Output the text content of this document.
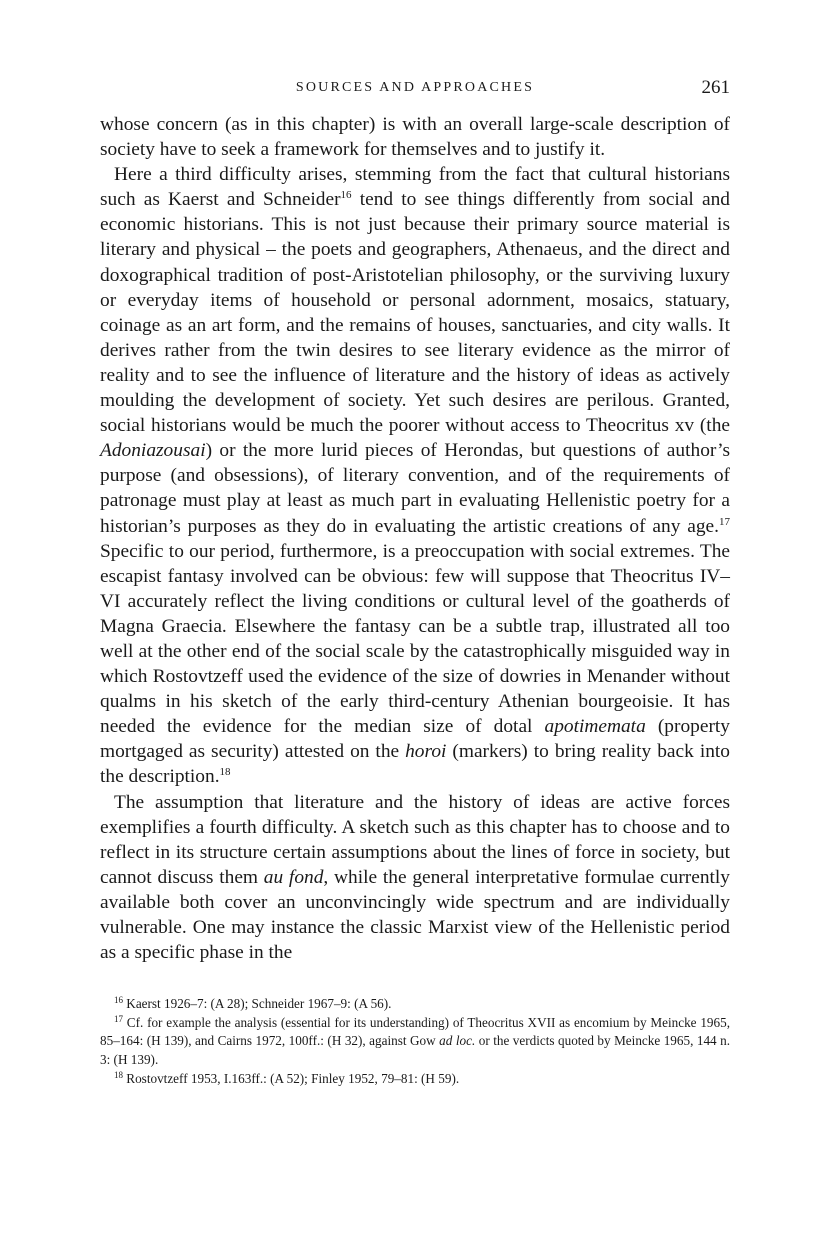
SOURCES AND APPROACHES	261

whose concern (as in this chapter) is with an overall large-scale description of society have to seek a framework for themselves and to justify it.

Here a third difficulty arises, stemming from the fact that cultural historians such as Kaerst and Schneider$^{16}$ tend to see things differently from social and economic historians. This is not just because their primary source material is literary and physical – the poets and geographers, Athenaeus, and the direct and doxographical tradition of post-Aristotelian philosophy, or the surviving luxury or everyday items of household or personal adornment, mosaics, statuary, coinage as an art form, and the remains of houses, sanctuaries, and city walls. It derives rather from the twin desires to see literary evidence as the mirror of reality and to see the influence of literature and the history of ideas as actively moulding the development of society. Yet such desires are perilous. Granted, social historians would be much the poorer without access to Theocritus xv (the Adoniazousai) or the more lurid pieces of Herondas, but questions of author’s purpose (and obsessions), of literary convention, and of the requirements of patronage must play at least as much part in evaluating Hellenistic poetry for a historian’s purposes as they do in evaluating the artistic creations of any age.$^{17}$ Specific to our period, furthermore, is a preoccupation with social extremes. The escapist fantasy involved can be obvious: few will suppose that Theocritus IV–VI accurately reflect the living conditions or cultural level of the goatherds of Magna Graecia. Elsewhere the fantasy can be a subtle trap, illustrated all too well at the other end of the social scale by the catastrophically misguided way in which Rostovtzeff used the evidence of the size of dowries in Menander without qualms in his sketch of the early third-century Athenian bourgeoisie. It has needed the evidence for the median size of dotal apotimemata (property mortgaged as security) attested on the horoi (markers) to bring reality back into the description.$^{18}$

The assumption that literature and the history of ideas are active forces exemplifies a fourth difficulty. A sketch such as this chapter has to choose and to reflect in its structure certain assumptions about the lines of force in society, but cannot discuss them au fond, while the general interpretative formulae currently available both cover an unconvincingly wide spectrum and are individually vulnerable. One may instance the classic Marxist view of the Hellenistic period as a specific phase in the

$^{16}$ Kaerst 1926–7: (A 28); Schneider 1967–9: (A 56).

$^{17}$ Cf. for example the analysis (essential for its understanding) of Theocritus XVII as encomium by Meincke 1965, 85–164: (H 139), and Cairns 1972, 100ff.: (H 32), against Gow ad loc. or the verdicts quoted by Meincke 1965, 144 n. 3: (H 139).

$^{18}$ Rostovtzeff 1953, I.163ff.: (A 52); Finley 1952, 79–81: (H 59).
